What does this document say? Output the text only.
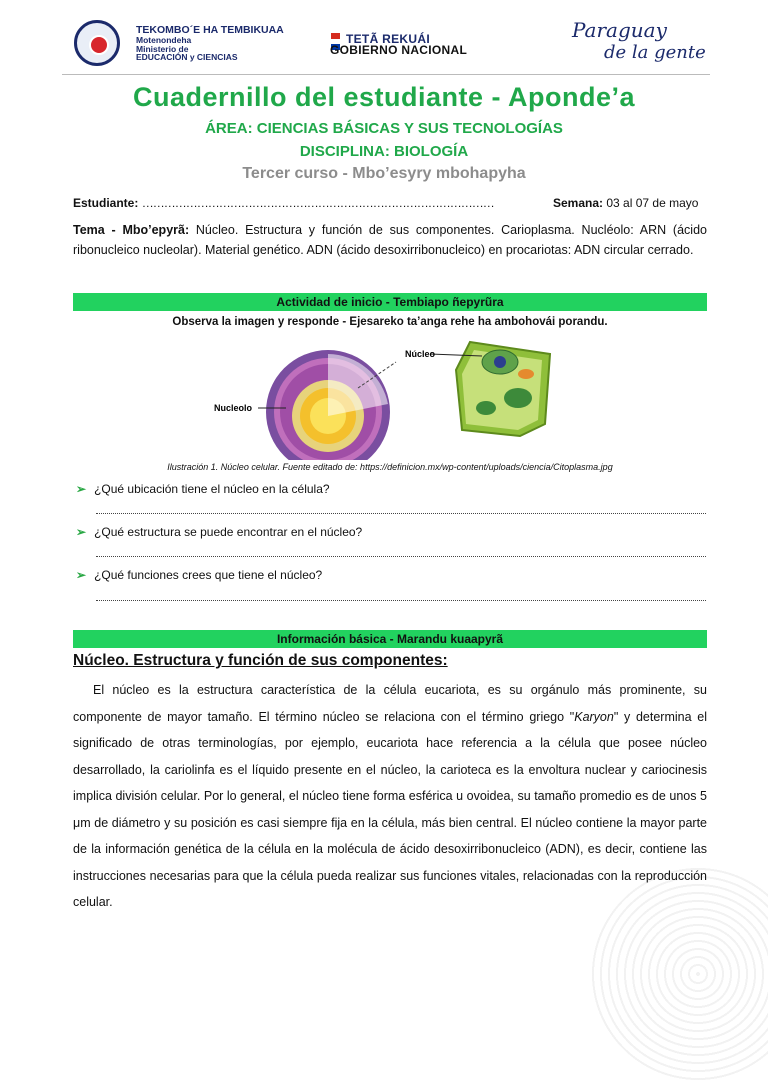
TEKOMBO´E HA TEMBIKUAA
Motenondeha
Ministerio de
EDUCACIÓN y CIENCIAS
TETÃ REKUÁI
GOBIERNO NACIONAL
Paraguay
de la gente
Cuadernillo del estudiante - Aponde’a
ÁREA: CIENCIAS BÁSICAS Y SUS TECNOLOGÍAS
DISCIPLINA: BIOLOGÍA
Tercer curso - Mbo’esyry mbohapyha
Estudiante: ……………………………………………………………………………………	Semana: 03 al 07 de mayo
Tema - Mbo’epyrã: Núcleo. Estructura y función de sus componentes. Carioplasma. Nucléolo: ARN (ácido ribonucleico nucleolar). Material genético. ADN (ácido desoxirribonucleico) en procariotas: ADN circular cerrado.
Actividad de inicio - Tembiapo ñepyrũra
Observa la imagen y responde - Ejesareko ta’anga rehe ha ambohováі porandu.
Nucleolo
Núcleo
Ilustración 1. Núcleo celular. Fuente editado de: https://definicion.mx/wp-content/uploads/ciencia/Citoplasma.jpg
➢ ¿Qué ubicación tiene el núcleo en la célula?
➢ ¿Qué estructura se puede encontrar en el núcleo?
➢ ¿Qué funciones crees que tiene el núcleo?
Información básica - Marandu kuaapyrã
Núcleo. Estructura y función de sus componentes:
El núcleo es la estructura característica de la célula eucariota, es su orgánulo más prominente, su componente de mayor tamaño. El término núcleo se relaciona con el término griego "Karyon" y determina el significado de otras terminologías, por ejemplo, eucariota hace referencia a la célula que posee núcleo desarrollado, la cariolinfa es el líquido presente en el núcleo, la carioteca es la envoltura nuclear y cariocinesis implica división celular. Por lo general, el núcleo tiene forma esférica u ovoidea, su tamaño promedio es de unos 5 μm de diámetro y su posición es casi siempre fija en la célula, más bien central. El núcleo contiene la mayor parte de la información genética de la célula en la molécula de ácido desoxirribonucleico (ADN), es decir, contiene las instrucciones necesarias para que la célula pueda realizar sus funciones vitales, relacionadas con la reproducción celular.
